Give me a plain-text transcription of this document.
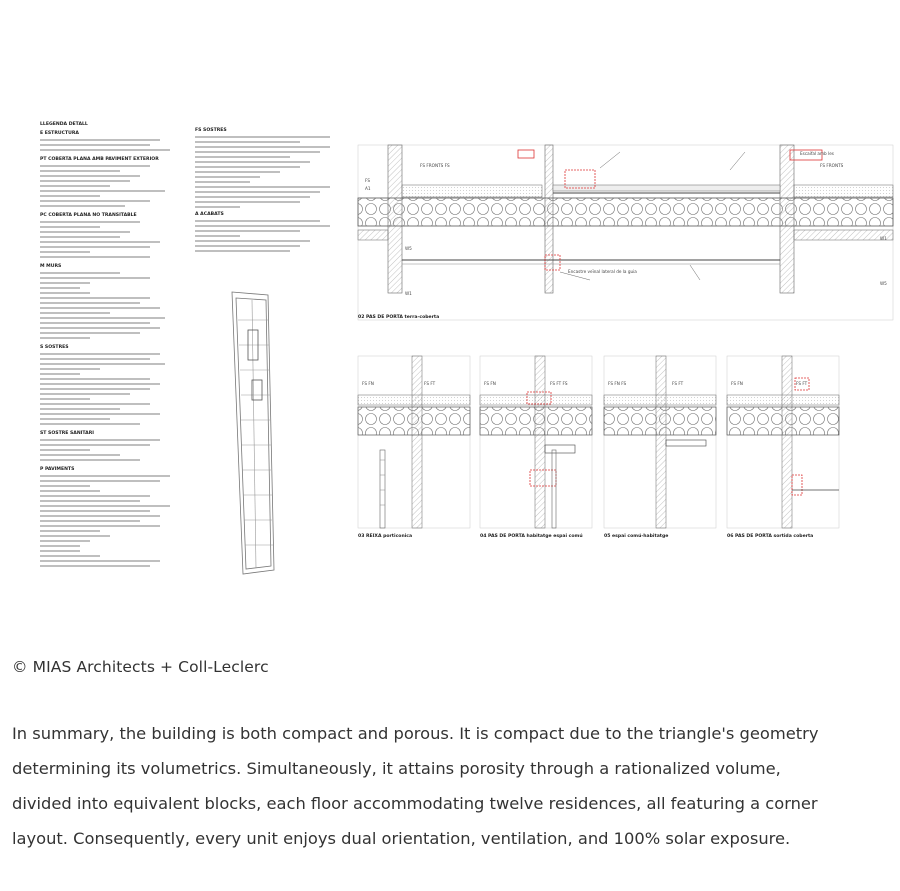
LLEGENDA DETALL
E ESTRUCTURA
PT COBERTA PLANA AMB PAVIMENT EXTERIOR
PC COBERTA PLANA NO TRANSITABLE
M MURS
S SOSTRES
ST SOSTRE SANITARI
P PAVIMENTS
FS SOSTRES
A ACABATS
FS FRONTS FS	FS FRONTS
Encastre veïnal lateral de la guia
FS
A1
W5
W1
W1
W5
Escaifal amb les
02 PAS DE PORTA terra-coberta
FS FN	FS FT
03 REIXA porticonica
FS FN	FS FT FS
04 PAS DE PORTA habitatge espai comú
FS FN FS	FS FT
05 espai comú-habitatge
FS FN	FS FT
06 PAS DE PORTA sortida coberta
© MIAS Architects + Coll-Leclerc

In summary, the building is both compact and porous. It is compact due to the triangle's geometry
determining its volumetrics. Simultaneously, it attains porosity through a rationalized volume,
divided into equivalent blocks, each floor accommodating twelve residences, all featuring a corner
layout. Consequently, every unit enjoys dual orientation, ventilation, and 100% solar exposure.
